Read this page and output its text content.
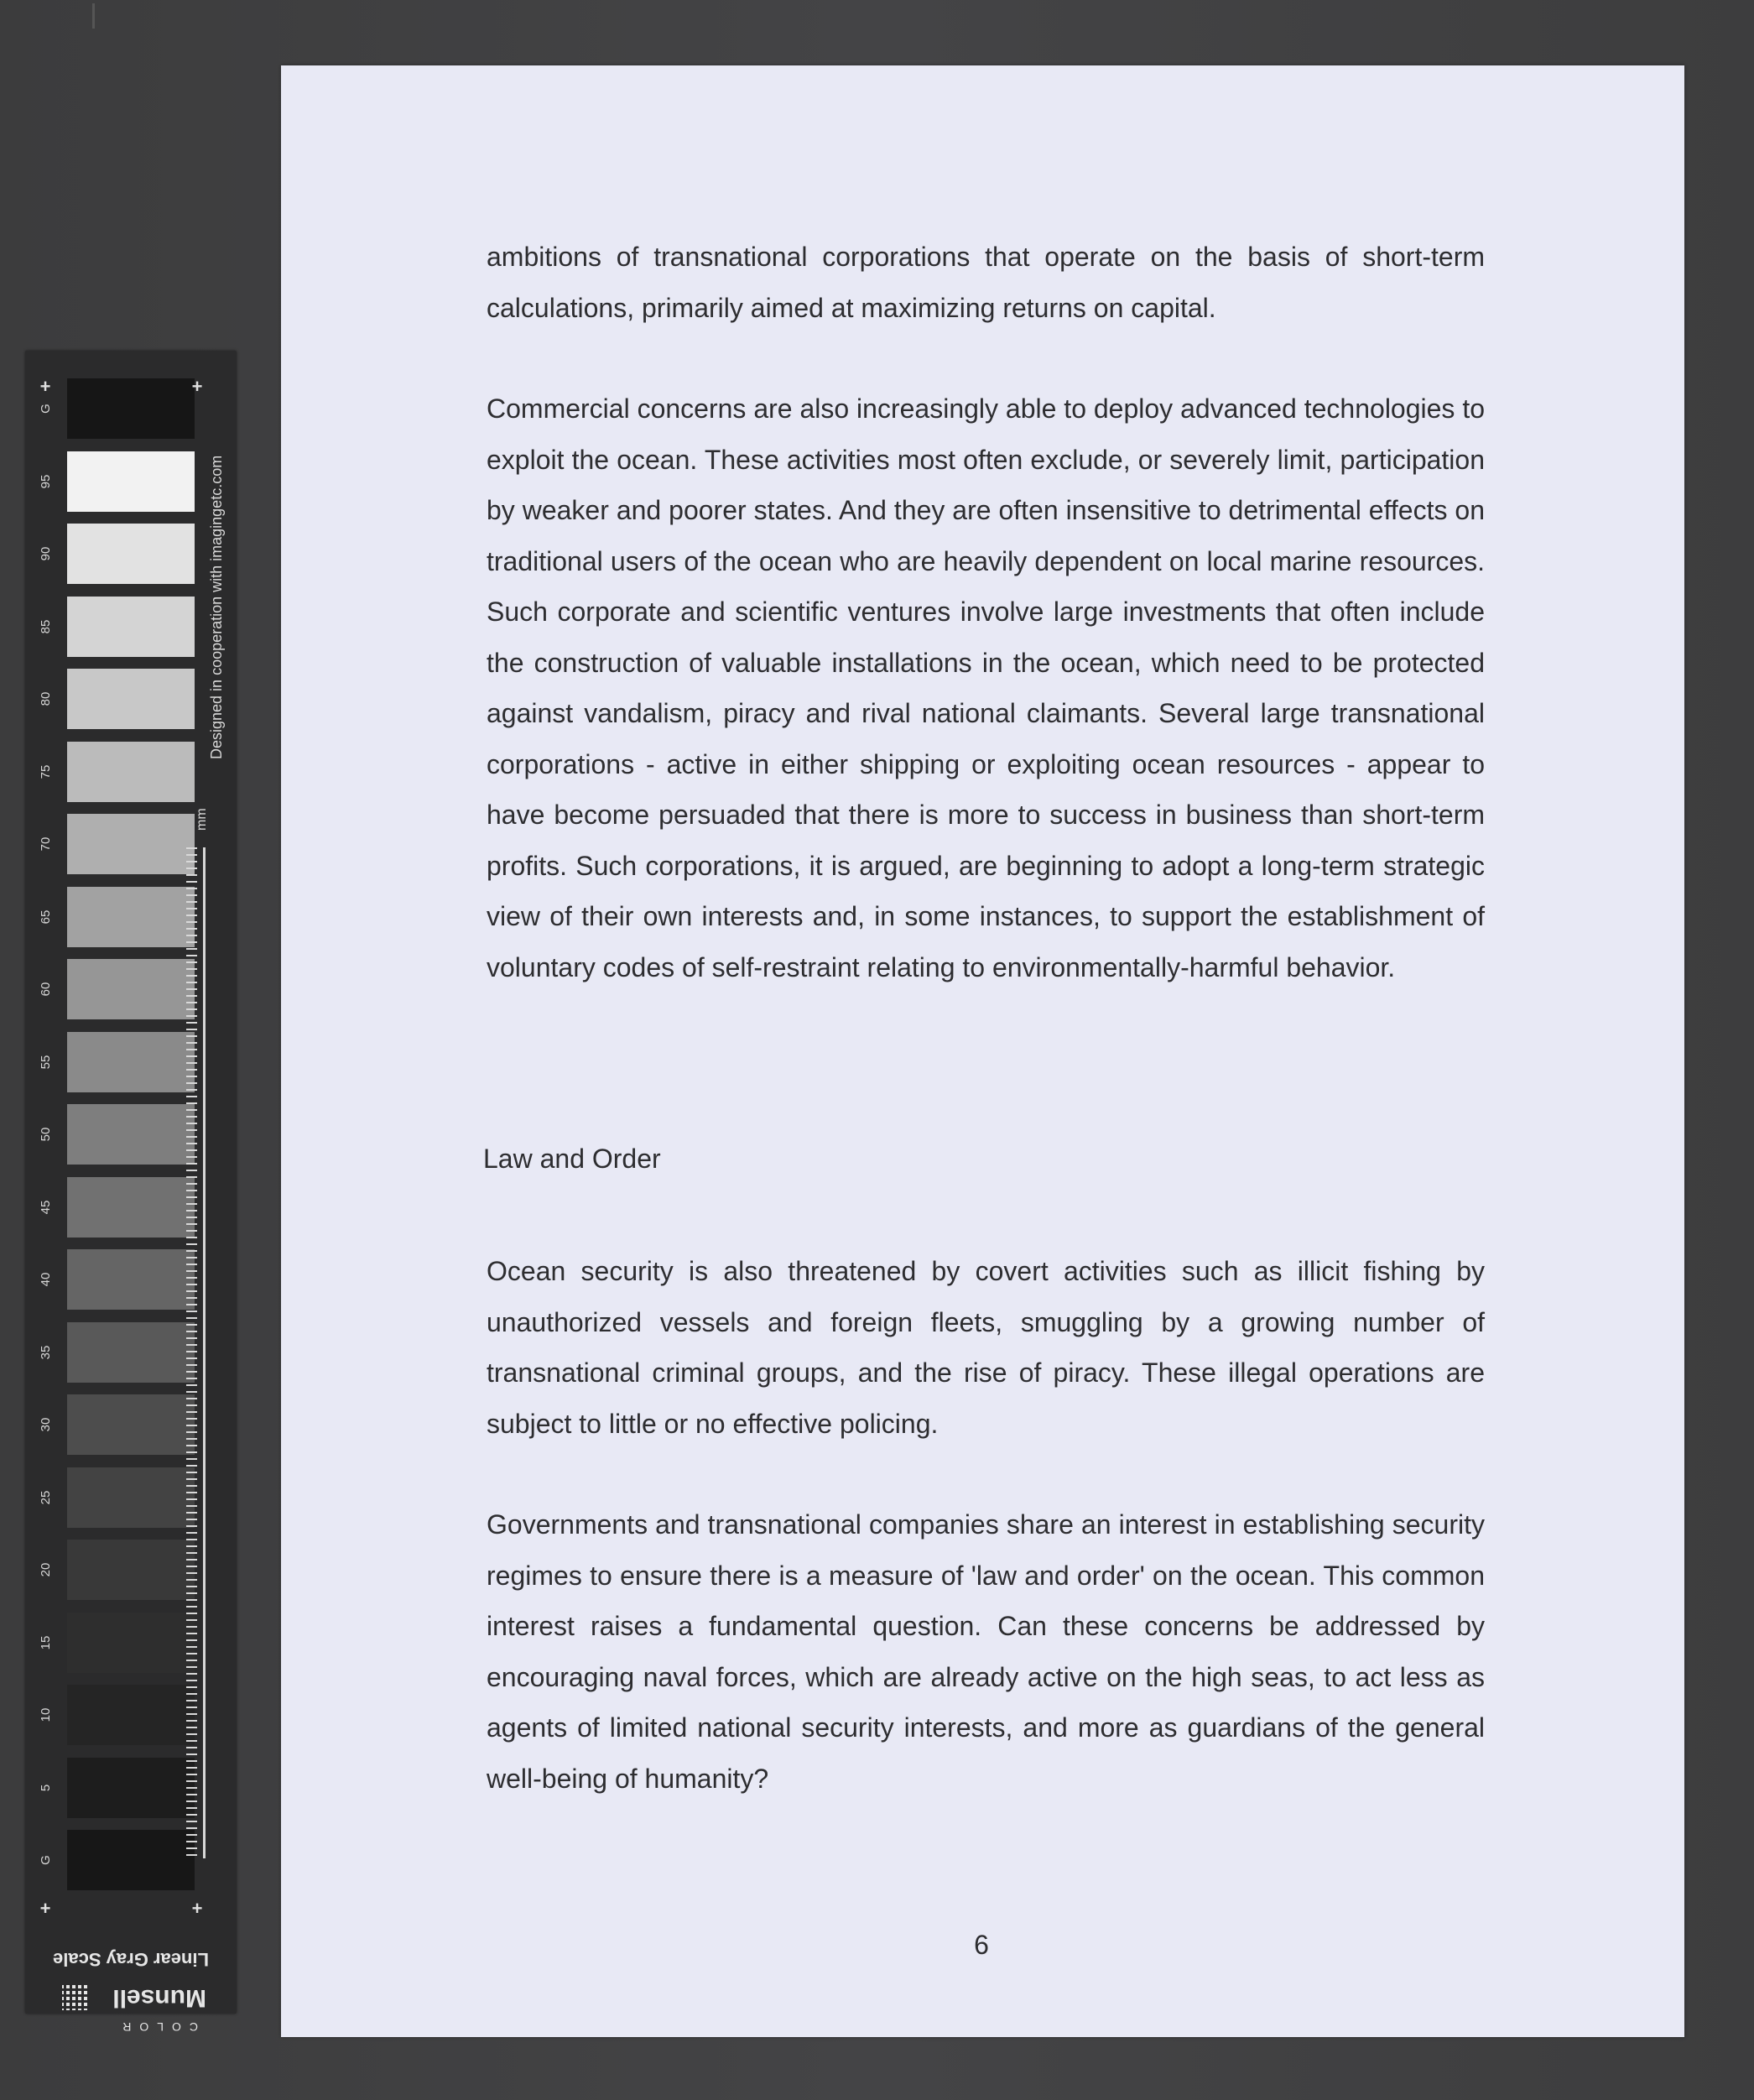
G
95
90
85
80
75
70
65
60
55
50
45
40
35
30
25
20
15
10
5
G
+	+
+	+
mm
Designed in cooperation with imagingetc.com
Linear Gray Scale
Munsell
COLOR
ambitions of transnational corporations that operate on the basis of short-term calculations, primarily aimed at maximizing returns on capital.
Commercial concerns are also increasingly able to deploy advanced technologies to exploit the ocean. These activities most often exclude, or severely limit, participation by weaker and poorer states. And they are often insensitive to detrimental effects on traditional users of the ocean who are heavily dependent on local marine resources. Such corporate and scientific ventures involve large investments that often include the construction of valuable installations in the ocean, which need to be protected against vandalism, piracy and rival national claimants. Several large transnational corporations - active in either shipping or exploiting ocean resources - appear to have become persuaded that there is more to success in business than short-term profits. Such corporations, it is argued, are beginning to adopt a long-term strategic view of their own interests and, in some instances, to support the establishment of voluntary codes of self-restraint relating to environmentally-harmful behavior.
Law and Order
Ocean security is also threatened by covert activities such as illicit fishing by unauthorized vessels and foreign fleets, smuggling by a growing number of transnational criminal groups, and the rise of piracy. These illegal operations are subject to little or no effective policing.
Governments and transnational companies share an interest in establishing security regimes to ensure there is a measure of 'law and order' on the ocean. This common interest raises a fundamental question. Can these concerns be addressed by encouraging naval forces, which are already active on the high seas, to act less as agents of limited national security interests, and more as guardians of the general well-being of humanity?
6
